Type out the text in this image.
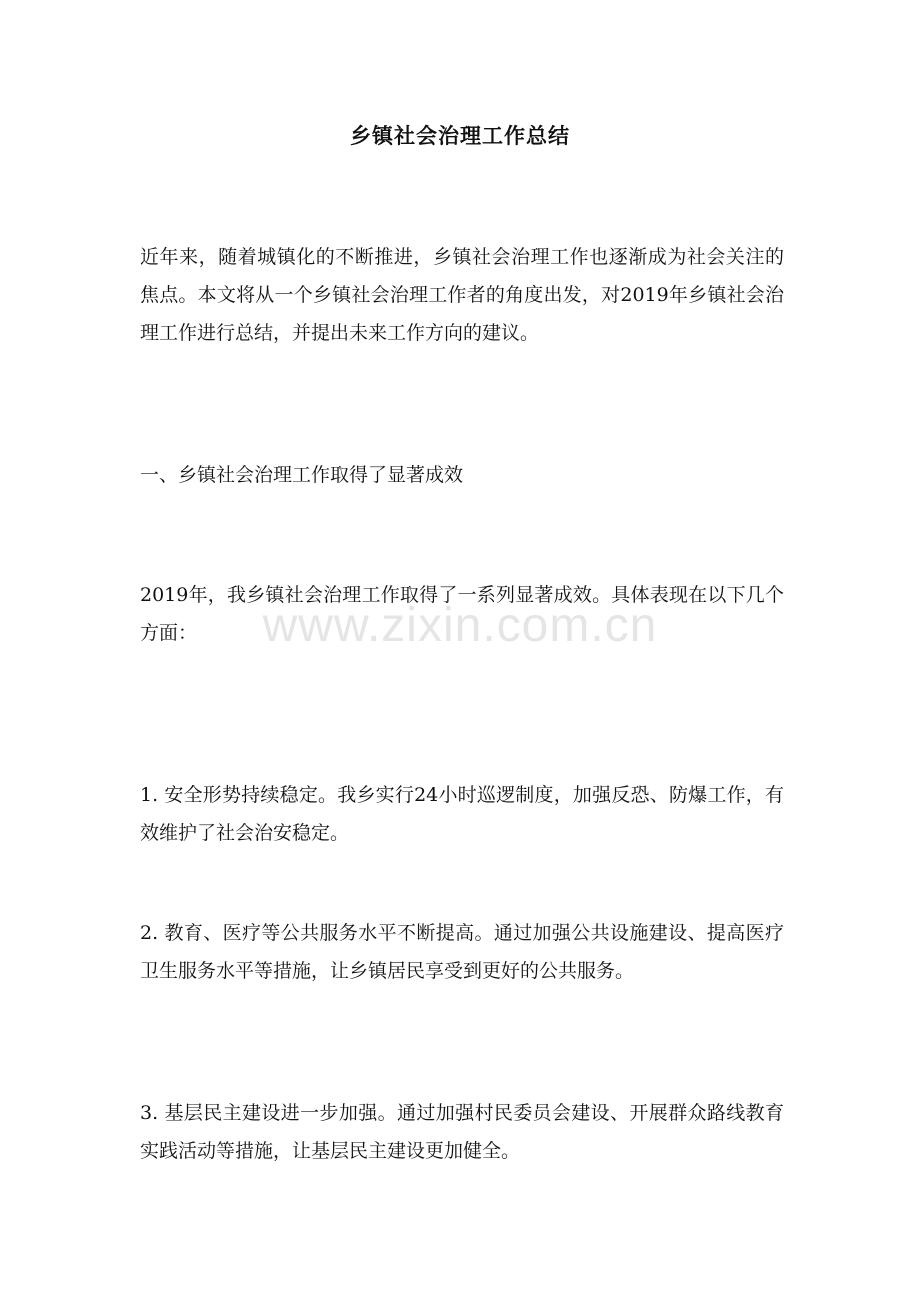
乡镇社会治理工作总结

近年来，随着城镇化的不断推进，乡镇社会治理工作也逐渐成为社会关注的焦点。本文将从一个乡镇社会治理工作者的角度出发，对2019年乡镇社会治理工作进行总结，并提出未来工作方向的建议。

一、乡镇社会治理工作取得了显著成效

2019年，我乡镇社会治理工作取得了一系列显著成效。具体表现在以下几个方面：

1. 安全形势持续稳定。我乡实行24小时巡逻制度，加强反恐、防爆工作，有效维护了社会治安稳定。

2. 教育、医疗等公共服务水平不断提高。通过加强公共设施建设、提高医疗卫生服务水平等措施，让乡镇居民享受到更好的公共服务。

3. 基层民主建设进一步加强。通过加强村民委员会建设、开展群众路线教育实践活动等措施，让基层民主建设更加健全。

www.zixin.com.cn
